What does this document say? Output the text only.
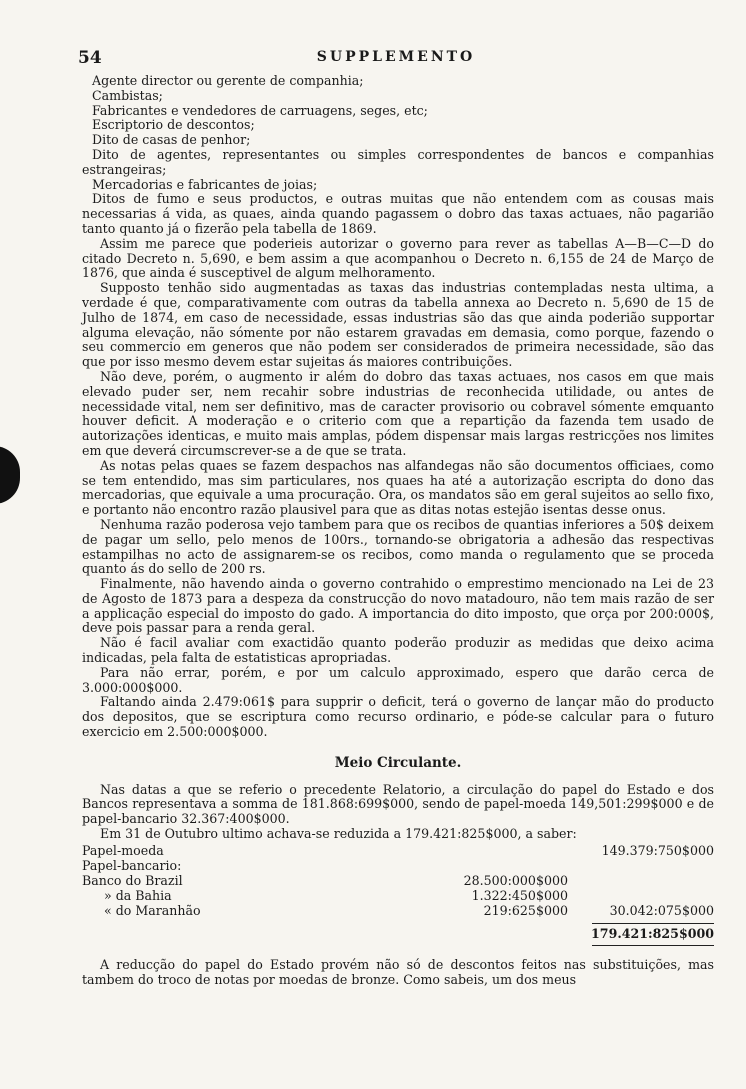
54	SUPPLEMENTO

Agente director ou gerente de companhia;

Cambistas;

Fabricantes e vendedores de carruagens, seges, etc;

Escriptorio de descontos;

Dito de casas de penhor;

Dito de agentes, representantes ou simples correspondentes de bancos e companhias estrangeiras;

Mercadorias e fabricantes de joias;

Ditos de fumo e seus productos, e outras muitas que não entendem com as cousas mais necessarias á vida, as quaes, ainda quando pagassem o dobro das taxas actuaes, não pagarião tanto quanto já o fizerão pela tabella de 1869.

Assim me parece que poderieis autorizar o governo para rever as tabellas A—B—C—D do citado Decreto n. 5,690, e bem assim a que acompanhou o Decreto n. 6,155 de 24 de Março de 1876, que ainda é susceptivel de algum melhoramento.

Supposto tenhão sido augmentadas as taxas das industrias contempladas nesta ultima, a verdade é que, comparativamente com outras da tabella annexa ao Decreto n. 5,690 de 15 de Julho de 1874, em caso de necessidade, essas industrias são das que ainda poderião supportar alguma elevação, não sómente por não estarem gravadas em demasia, como porque, fazendo o seu commercio em generos que não podem ser considerados de primeira necessidade, são das que por isso mesmo devem estar sujeitas ás maiores contribuições.

Não deve, porém, o augmento ir além do dobro das taxas actuaes, nos casos em que mais elevado puder ser, nem recahir sobre industrias de reconhecida utilidade, ou antes de necessidade vital, nem ser definitivo, mas de caracter provisorio ou cobravel sómente emquanto houver deficit. A moderação e o criterio com que a repartição da fazenda tem usado de autorizações identicas, e muito mais amplas, pódem dispensar mais largas restricções nos limites em que deverá circumscrever-se a de que se trata.

As notas pelas quaes se fazem despachos nas alfandegas não são documentos officiaes, como se tem entendido, mas sim particulares, nos quaes ha até a autorização escripta do dono das mercadorias, que equivale a uma procuração. Ora, os mandatos são em geral sujeitos ao sello fixo, e portanto não encontro razão plausivel para que as ditas notas estejão isentas desse onus.

Nenhuma razão poderosa vejo tambem para que os recibos de quantias inferiores a 50$ deixem de pagar um sello, pelo menos de 100rs., tornando-se obrigatoria a adhesão das respectivas estampilhas no acto de assignarem-se os recibos, como manda o regulamento que se proceda quanto ás do sello de 200 rs.

Finalmente, não havendo ainda o governo contrahido o emprestimo mencionado na Lei de 23 de Agosto de 1873 para a despeza da construcção do novo matadouro, não tem mais razão de ser a applicação especial do imposto do gado. A importancia do dito imposto, que orça por 200:000$, deve pois passar para a renda geral.

Não é facil avaliar com exactidão quanto poderão produzir as medidas que deixo acima indicadas, pela falta de estatisticas apropriadas.

Para não errar, porém, e por um calculo approximado, espero que darão cerca de 3.000:000$000.

Faltando ainda 2.479:061$ para supprir o deficit, terá o governo de lançar mão do producto dos depositos, que se escriptura como recurso ordinario, e póde-se calcular para o futuro exercicio em 2.500:000$000.

Meio Circulante.

Nas datas a que se referio o precedente Relatorio, a circulação do papel do Estado e dos Bancos representava a somma de 181.868:699$000, sendo de papel-moeda 149,501:299$000 e de papel-bancario 32.367:400$000.

Em 31 de Outubro ultimo achava-se reduzida a 179.421:825$000, a saber:

Papel-moeda	149.379:750$000
Papel-bancario:
Banco do Brazil	28.500:000$000
» da Bahia	1.322:450$000
« do Maranhão	219:625$000	30.042:075$000
179.421:825$000

A reducção do papel do Estado provém não só de descontos feitos nas substituições, mas tambem do troco de notas por moedas de bronze. Como sabeis, um dos meus
